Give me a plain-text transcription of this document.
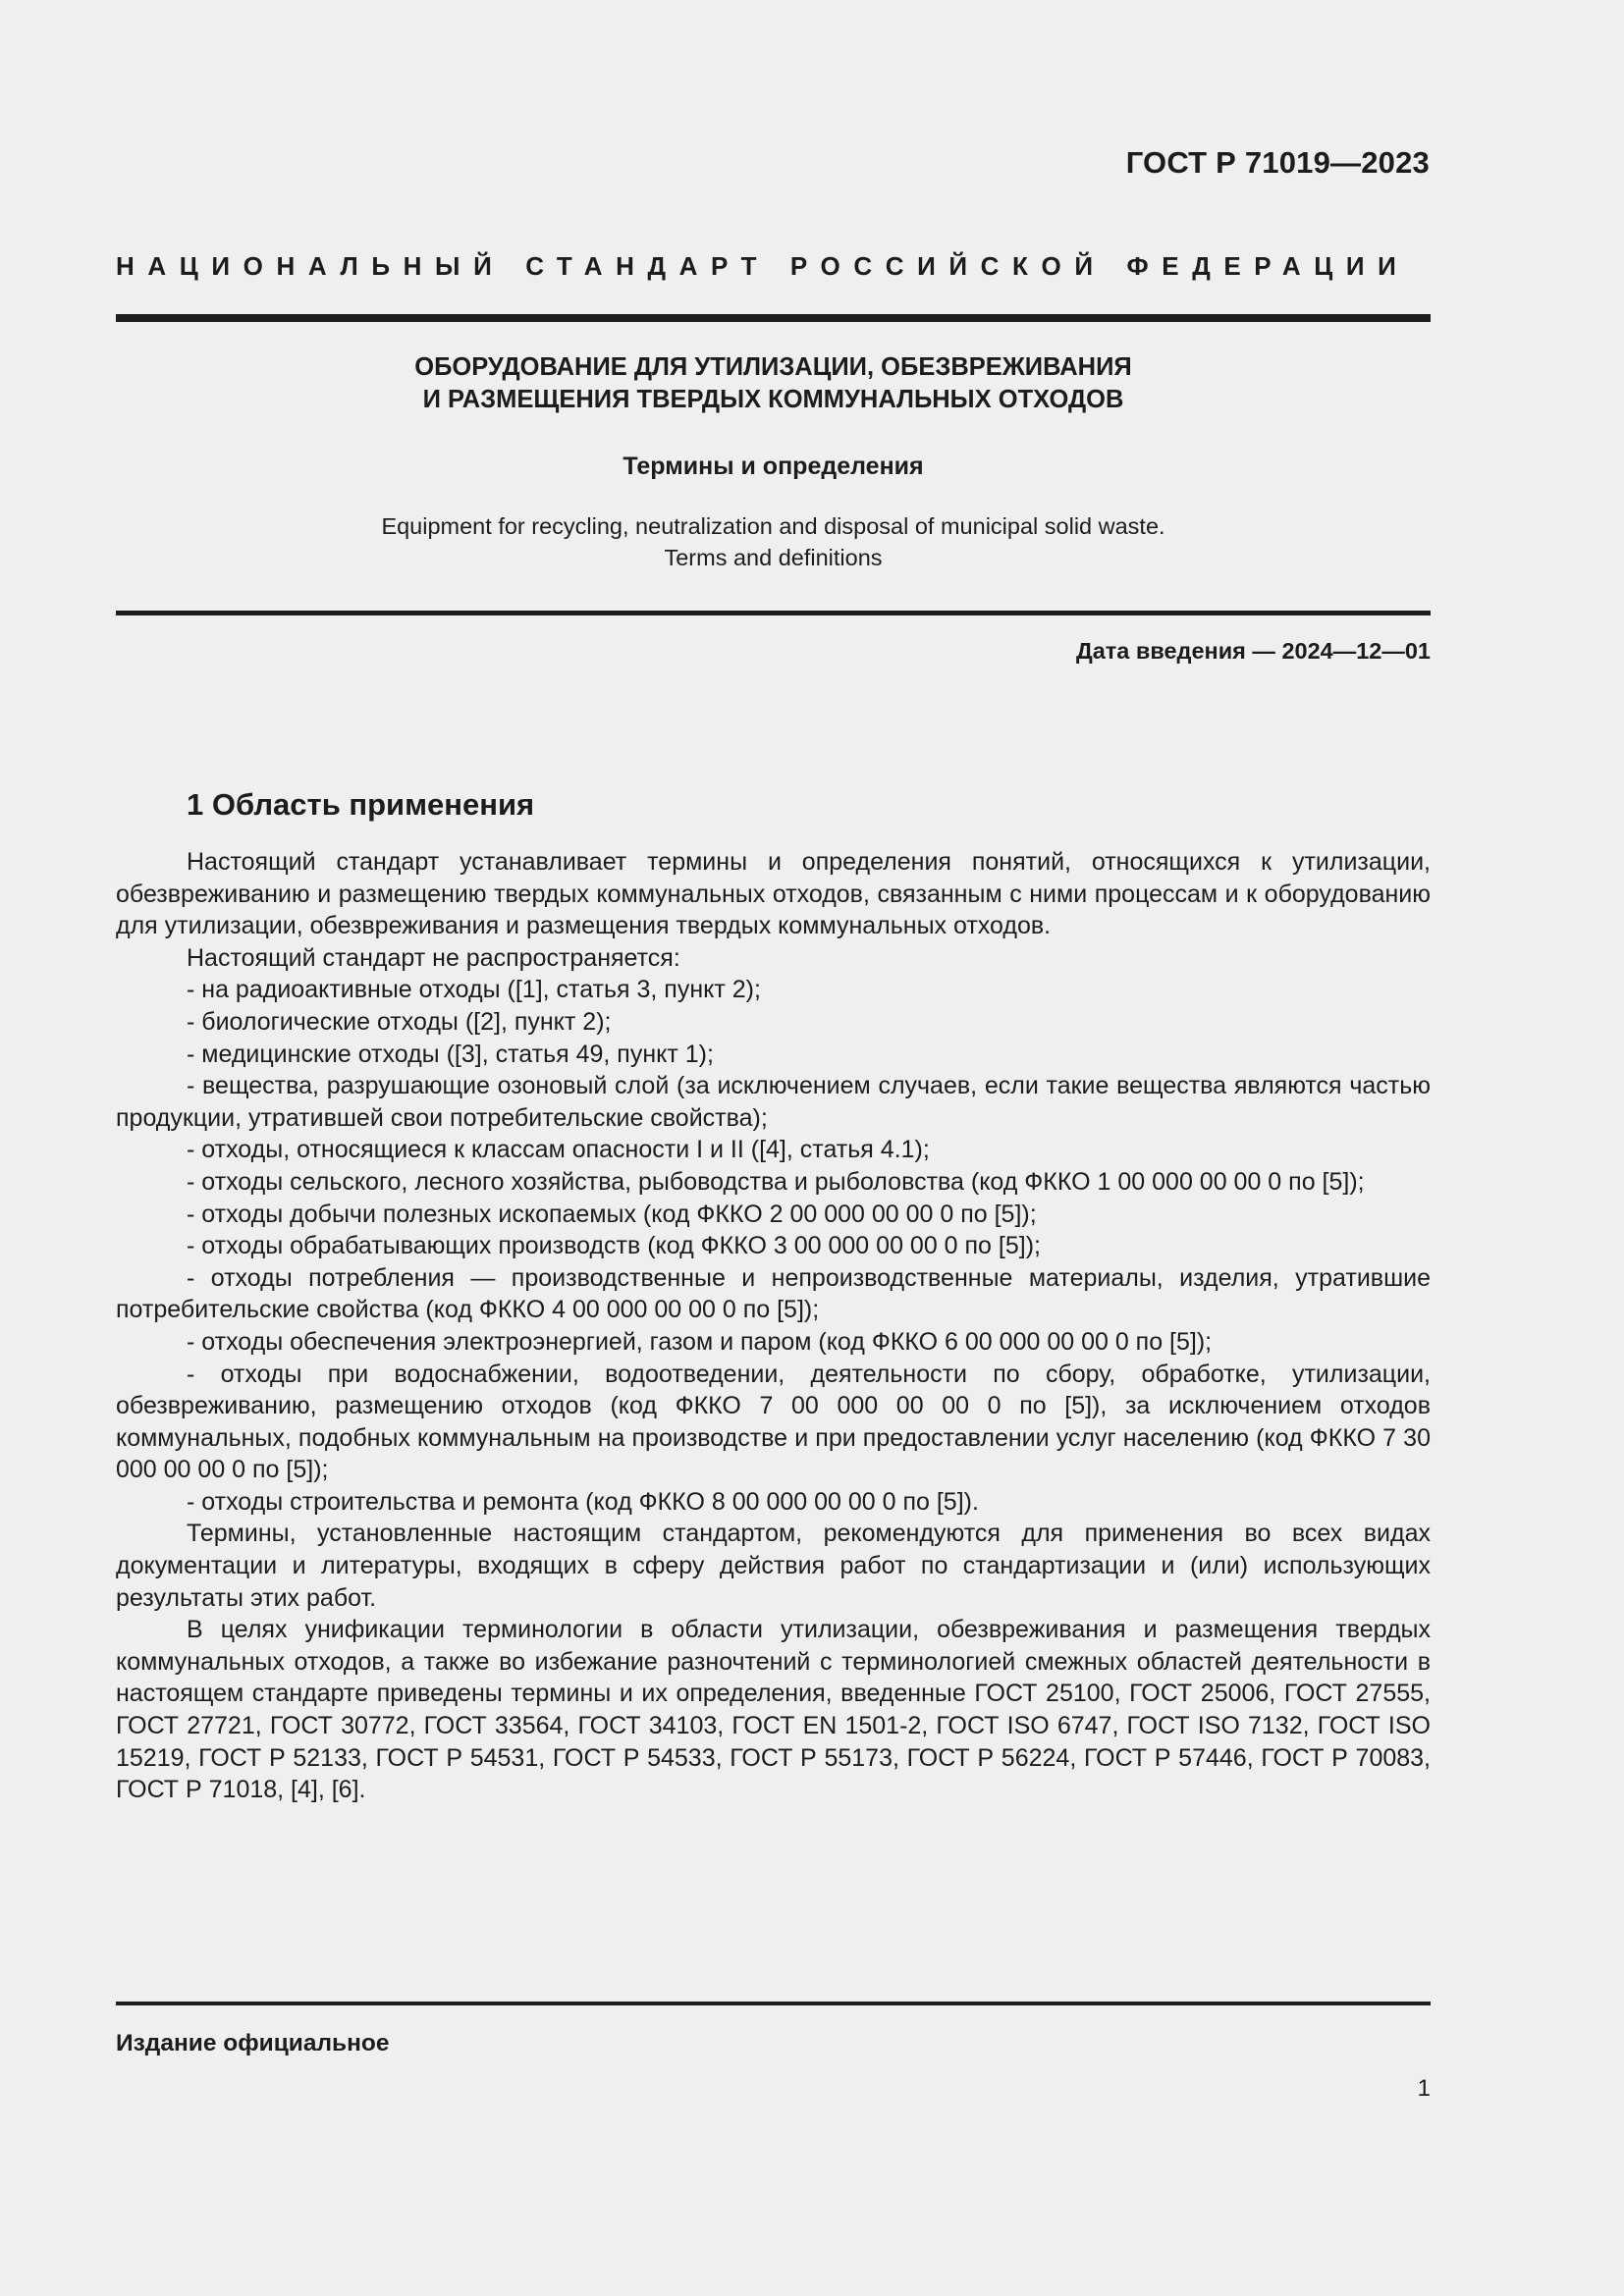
ГОСТ Р 71019—2023
НАЦИОНАЛЬНЫЙ СТАНДАРТ РОССИЙСКОЙ ФЕДЕРАЦИИ
ОБОРУДОВАНИЕ ДЛЯ УТИЛИЗАЦИИ, ОБЕЗВРЕЖИВАНИЯ
И РАЗМЕЩЕНИЯ ТВЕРДЫХ КОММУНАЛЬНЫХ ОТХОДОВ
Термины и определения
Equipment for recycling, neutralization and disposal of municipal solid waste.
Terms and definitions
Дата введения — 2024—12—01
1 Область применения

Настоящий стандарт устанавливает термины и определения понятий, относящихся к утилизации, обезвреживанию и размещению твердых коммунальных отходов, связанным с ними процессам и к оборудованию для утилизации, обезвреживания и размещения твердых коммунальных отходов.

Настоящий стандарт не распространяется:

- на радиоактивные отходы ([1], статья 3, пункт 2);

- биологические отходы ([2], пункт 2);

- медицинские отходы ([3], статья 49, пункт 1);

- вещества, разрушающие озоновый слой (за исключением случаев, если такие вещества являются частью продукции, утратившей свои потребительские свойства);

- отходы, относящиеся к классам опасности I и II ([4], статья 4.1);

- отходы сельского, лесного хозяйства, рыбоводства и рыболовства (код ФККО 1 00 000 00 00 0 по [5]);

- отходы добычи полезных ископаемых (код ФККО 2 00 000 00 00 0 по [5]);

- отходы обрабатывающих производств (код ФККО 3 00 000 00 00 0 по [5]);

- отходы потребления — производственные и непроизводственные материалы, изделия, утратившие потребительские свойства (код ФККО 4 00 000 00 00 0 по [5]);

- отходы обеспечения электроэнергией, газом и паром (код ФККО 6 00 000 00 00 0 по [5]);

- отходы при водоснабжении, водоотведении, деятельности по сбору, обработке, утилизации, обезвреживанию, размещению отходов (код ФККО 7 00 000 00 00 0 по [5]), за исключением отходов коммунальных, подобных коммунальным на производстве и при предоставлении услуг населению (код ФККО 7 30 000 00 00 0 по [5]);

- отходы строительства и ремонта (код ФККО 8 00 000 00 00 0 по [5]).

Термины, установленные настоящим стандартом, рекомендуются для применения во всех видах документации и литературы, входящих в сферу действия работ по стандартизации и (или) использующих результаты этих работ.

В целях унификации терминологии в области утилизации, обезвреживания и размещения твердых коммунальных отходов, а также во избежание разночтений с терминологией смежных областей деятельности в настоящем стандарте приведены термины и их определения, введенные ГОСТ 25100, ГОСТ 25006, ГОСТ 27555, ГОСТ 27721, ГОСТ 30772, ГОСТ 33564, ГОСТ 34103, ГОСТ EN 1501-2, ГОСТ ISO 6747, ГОСТ ISO 7132, ГОСТ ISO 15219, ГОСТ Р 52133, ГОСТ Р 54531, ГОСТ Р 54533, ГОСТ Р 55173, ГОСТ Р 56224, ГОСТ Р 57446, ГОСТ Р 70083, ГОСТ Р 71018, [4], [6].

Издание официальное
1
